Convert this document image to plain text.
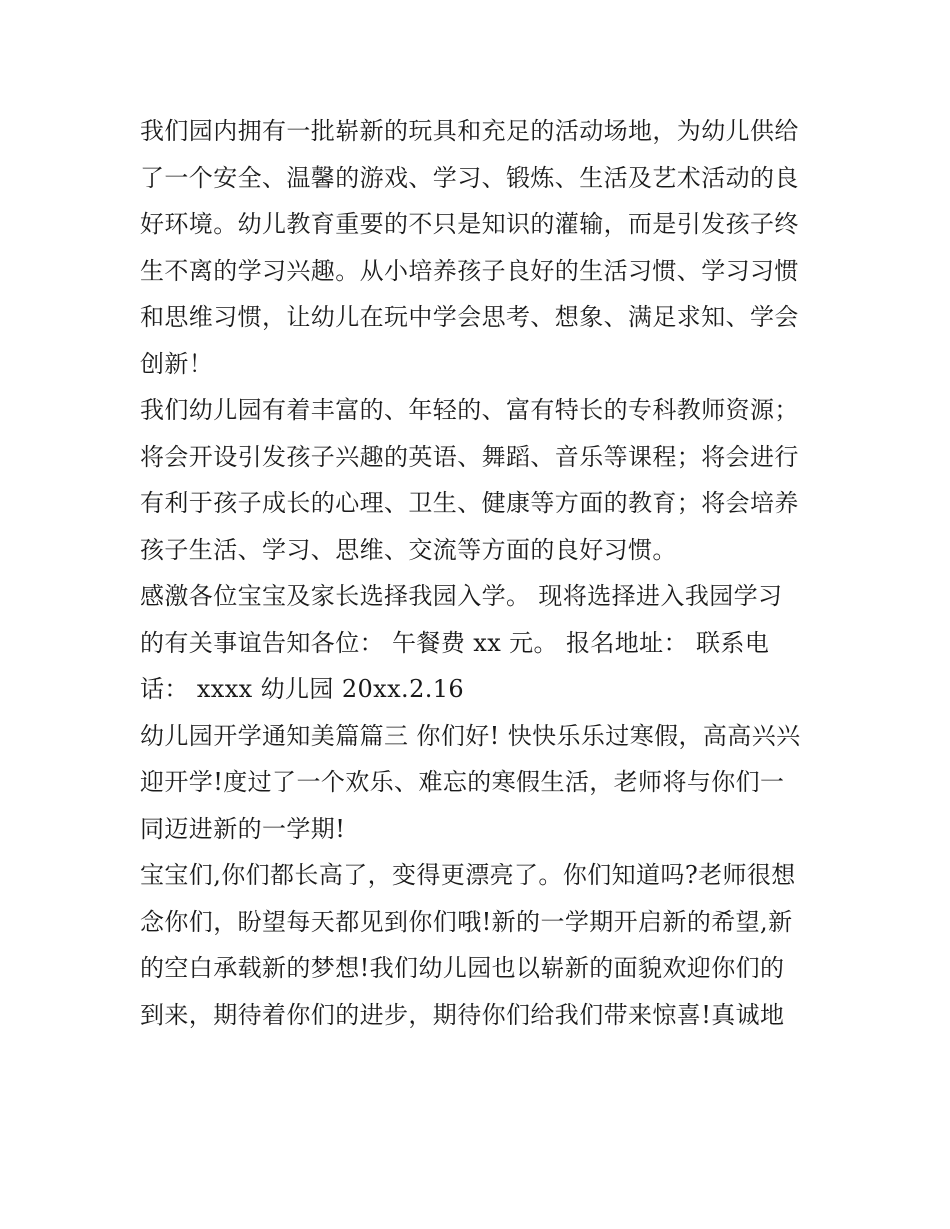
我们园内拥有一批崭新的玩具和充足的活动场地，为幼儿供给
了一个安全、温馨的游戏、学习、锻炼、生活及艺术活动的良
好环境。幼儿教育重要的不只是知识的灌输，而是引发孩子终
生不离的学习兴趣。从小培养孩子良好的生活习惯、学习习惯
和思维习惯，让幼儿在玩中学会思考、想象、满足求知、学会
创新！

我们幼儿园有着丰富的、年轻的、富有特长的专科教师资源；
将会开设引发孩子兴趣的英语、舞蹈、音乐等课程；将会进行
有利于孩子成长的心理、卫生、健康等方面的教育；将会培养
孩子生活、学习、思维、交流等方面的良好习惯。

感激各位宝宝及家长选择我园入学。 现将选择进入我园学习
的有关事谊告知各位： 午餐费 xx 元。 报名地址： 联系电
话： xxxx 幼儿园 20xx.2.16

幼儿园开学通知美篇篇三 你们好! 快快乐乐过寒假，高高兴兴
迎开学!度过了一个欢乐、难忘的寒假生活，老师将与你们一
同迈进新的一学期!

宝宝们,你们都长高了，变得更漂亮了。你们知道吗?老师很想
念你们，盼望每天都见到你们哦!新的一学期开启新的希望,新
的空白承载新的梦想!我们幼儿园也以崭新的面貌欢迎你们的
到来，期待着你们的进步，期待你们给我们带来惊喜!真诚地
